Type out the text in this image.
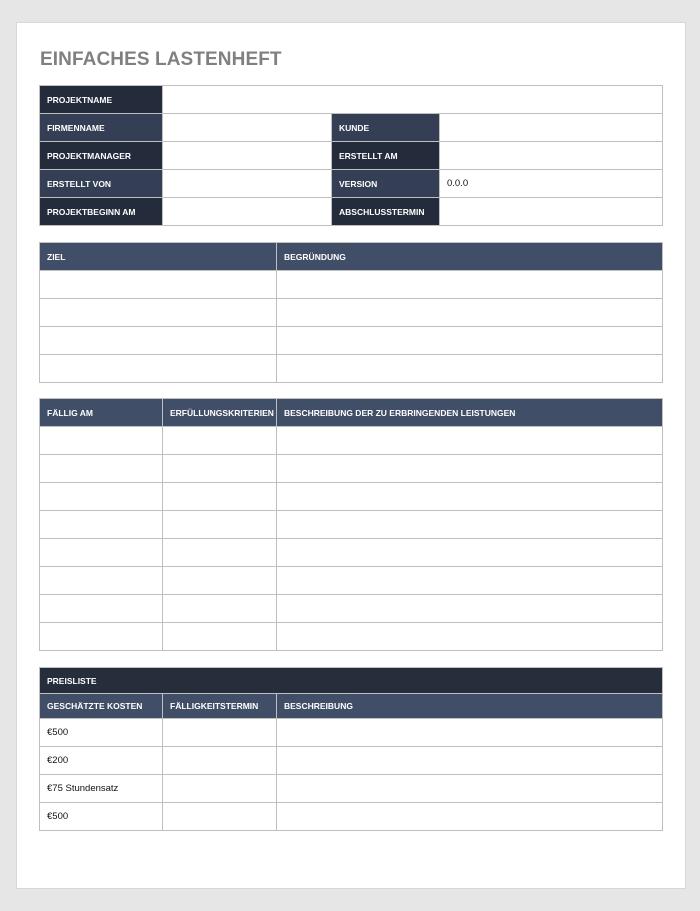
EINFACHES LASTENHEFT
PROJEKTNAME			
FIRMENNAME		KUNDE	
PROJEKTMANAGER		ERSTELLT AM	
ERSTELLT VON		VERSION	0.0.0
PROJEKTBEGINN AM		ABSCHLUSSTERMIN	
ZIEL	BEGRÜNDUNG

FÄLLIG AM	ERFÜLLUNGSKRITERIEN	BESCHREIBUNG DER ZU ERBRINGENDEN LEISTUNGEN

PREISLISTE		
GESCHÄTZTE KOSTEN	FÄLLIGKEITSTERMIN	BESCHREIBUNG
€500		
€200		
€75 Stundensatz		
€500		
